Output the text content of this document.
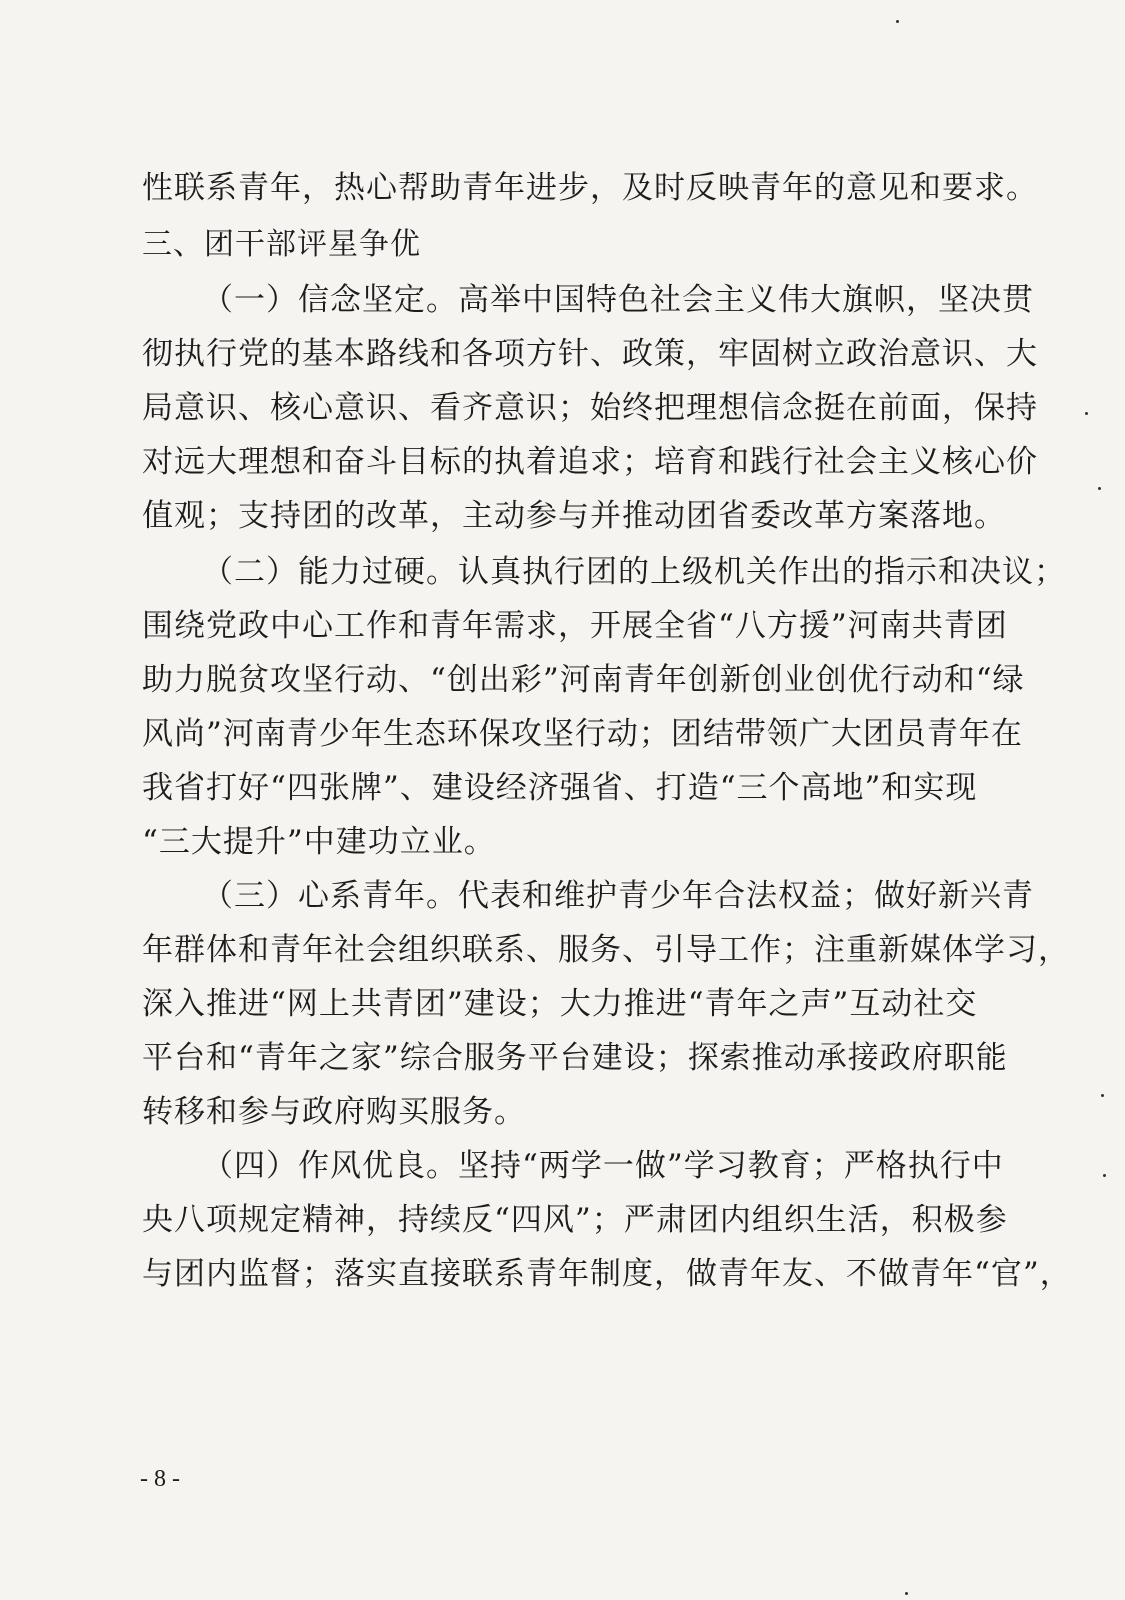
性联系青年，热心帮助青年进步，及时反映青年的意见和要求。
三、团干部评星争优
（一）信念坚定。高举中国特色社会主义伟大旗帜，坚决贯
彻执行党的基本路线和各项方针、政策，牢固树立政治意识、大
局意识、核心意识、看齐意识；始终把理想信念挺在前面，保持
对远大理想和奋斗目标的执着追求；培育和践行社会主义核心价
值观；支持团的改革，主动参与并推动团省委改革方案落地。
（二）能力过硬。认真执行团的上级机关作出的指示和决议；
围绕党政中心工作和青年需求，开展全省“八方援”河南共青团
助力脱贫攻坚行动、“创出彩”河南青年创新创业创优行动和“绿
风尚”河南青少年生态环保攻坚行动；团结带领广大团员青年在
我省打好“四张牌”、建设经济强省、打造“三个高地”和实现
“三大提升”中建功立业。
（三）心系青年。代表和维护青少年合法权益；做好新兴青
年群体和青年社会组织联系、服务、引导工作；注重新媒体学习，
深入推进“网上共青团”建设；大力推进“青年之声”互动社交
平台和“青年之家”综合服务平台建设；探索推动承接政府职能
转移和参与政府购买服务。
（四）作风优良。坚持“两学一做”学习教育；严格执行中
央八项规定精神，持续反“四风”；严肃团内组织生活，积极参
与团内监督；落实直接联系青年制度，做青年友、不做青年“官”，
- 8 -
